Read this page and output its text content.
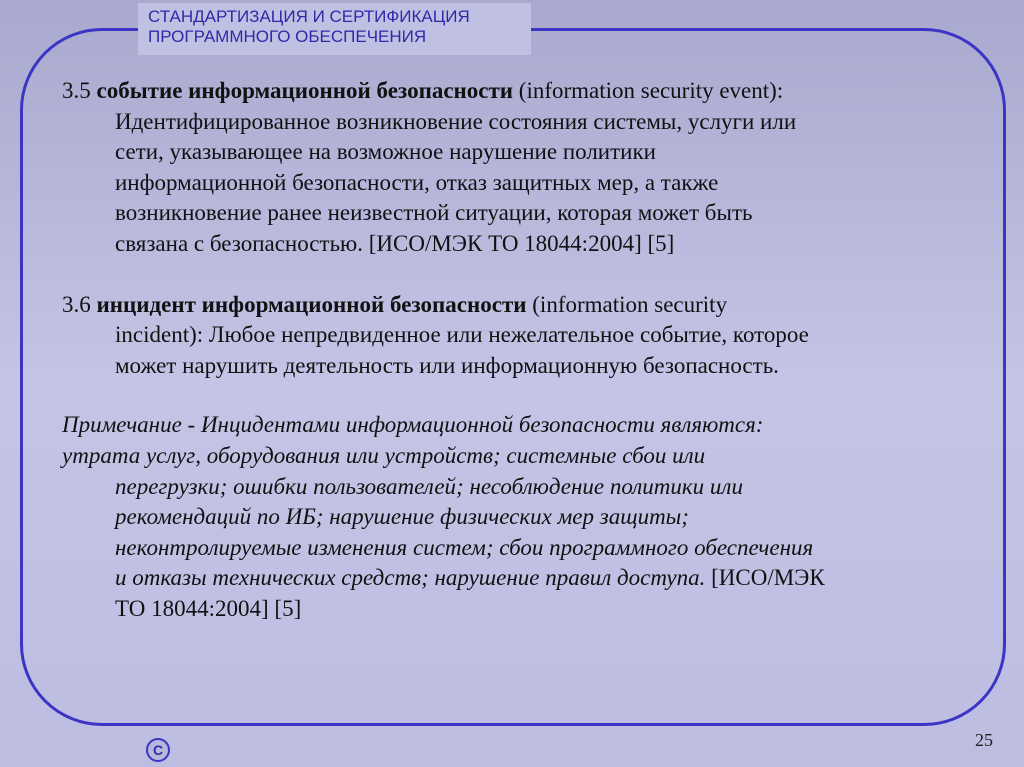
СТАНДАРТИЗАЦИЯ И СЕРТИФИКАЦИЯ
ПРОГРАММНОГО ОБЕСПЕЧЕНИЯ
3.5 событие информационной безопасности (information security event):
Идентифицированное возникновение состояния системы, услуги или
сети, указывающее на возможное нарушение политики
информационной безопасности, отказ защитных мер, а также
возникновение ранее неизвестной ситуации, которая может быть
связана с безопасностью. [ИСО/МЭК ТО 18044:2004] [5]
3.6 инцидент информационной безопасности (information security
incident): Любое непредвиденное или нежелательное событие, которое
может нарушить деятельность или информационную безопасность.
Примечание - Инцидентами информационной безопасности являются:
утрата услуг, оборудования или устройств; системные сбои или
перегрузки; ошибки пользователей; несоблюдение политики или
рекомендаций по ИБ; нарушение физических мер защиты;
неконтролируемые изменения систем; сбои программного обеспечения
и отказы технических средств; нарушение правил доступа. [ИСО/МЭК
ТО 18044:2004] [5]
C	25
